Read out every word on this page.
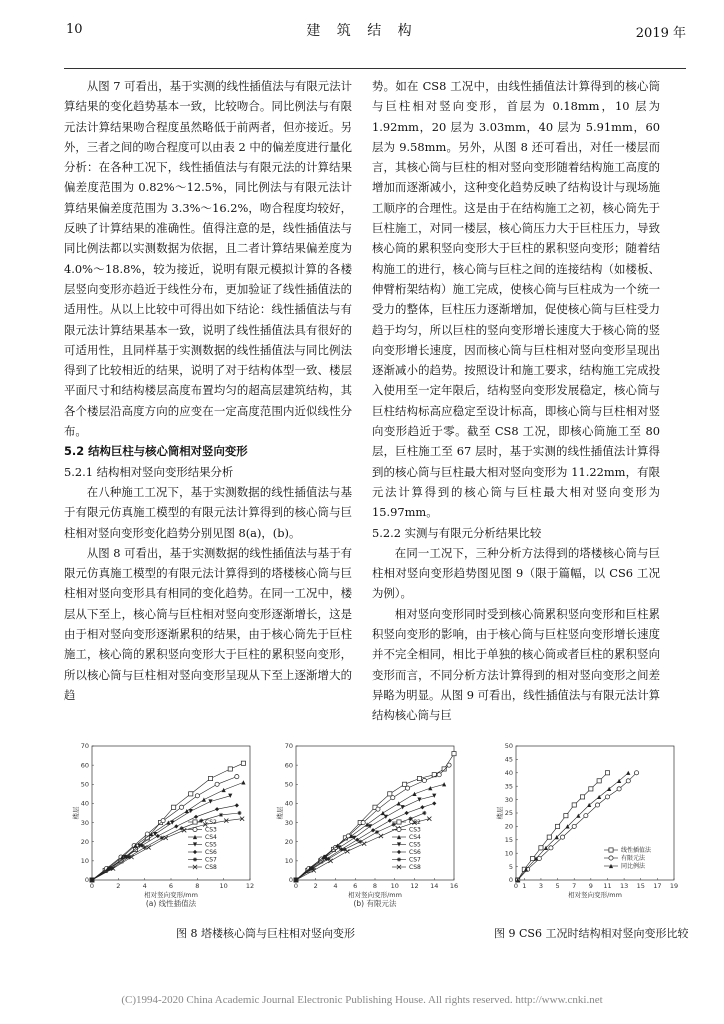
10	建 筑 结 构	2019 年

从图 7 可看出，基于实测的线性插值法与有限元法计算结果的变化趋势基本一致，比较吻合。同比例法与有限元法计算结果吻合程度虽然略低于前两者，但亦接近。另外，三者之间的吻合程度可以由表 2 中的偏差度进行量化分析：在各种工况下，线性插值法与有限元法的计算结果偏差度范围为 0.82%～12.5%，同比例法与有限元法计算结果偏差度范围为 3.3%～16.2%，吻合程度均较好，反映了计算结果的准确性。值得注意的是，线性插值法与同比例法都以实测数据为依据，且二者计算结果偏差度为 4.0%～18.8%，较为接近，说明有限元模拟计算的各楼层竖向变形亦趋近于线性分布，更加验证了线性插值法的适用性。从以上比较中可得出如下结论：线性插值法与有限元法计算结果基本一致，说明了线性插值法具有很好的可适用性，且同样基于实测数据的线性插值法与同比例法得到了比较相近的结果，说明了对于结构体型一致、楼层平面尺寸和结构楼层高度布置均匀的超高层建筑结构，其各个楼层沿高度方向的应变在一定高度范围内近似线性分布。

5.2 结构巨柱与核心筒相对竖向变形

5.2.1 结构相对竖向变形结果分析

在八种施工工况下，基于实测数据的线性插值法与基于有限元仿真施工模型的有限元法计算得到的核心筒与巨柱相对竖向变形变化趋势分别见图 8(a)，(b)。

从图 8 可看出，基于实测数据的线性插值法与基于有限元仿真施工模型的有限元法计算得到的塔楼核心筒与巨柱相对竖向变形具有相同的变化趋势。在同一工况中，楼层从下至上，核心筒与巨柱相对竖向变形逐渐增长，这是由于相对竖向变形逐渐累积的结果，由于核心筒先于巨柱施工，核心筒的累积竖向变形大于巨柱的累积竖向变形，所以核心筒与巨柱相对竖向变形呈现从下至上逐渐增大的趋

势。如在 CS8 工况中，由线性插值法计算得到的核心筒与巨柱相对竖向变形，首层为 0.18mm，10 层为 1.92mm，20 层为 3.03mm，40 层为 5.91mm，60 层为 9.58mm。另外，从图 8 还可看出，对任一楼层而言，其核心筒与巨柱的相对竖向变形随着结构施工高度的增加而逐渐减小，这种变化趋势反映了结构设计与现场施工顺序的合理性。这是由于在结构施工之初，核心筒先于巨柱施工，对同一楼层，核心筒压力大于巨柱压力，导致核心筒的累积竖向变形大于巨柱的累积竖向变形；随着结构施工的进行，核心筒与巨柱之间的连接结构（如楼板、伸臂桁架结构）施工完成，使核心筒与巨柱成为一个统一受力的整体，巨柱压力逐渐增加，促使核心筒与巨柱受力趋于均匀，所以巨柱的竖向变形增长速度大于核心筒的竖向变形增长速度，因而核心筒与巨柱相对竖向变形呈现出逐渐减小的趋势。按照设计和施工要求，结构施工完成投入使用至一定年限后，结构竖向变形发展稳定，核心筒与巨柱结构标高应稳定至设计标高，即核心筒与巨柱相对竖向变形趋近于零。截至 CS8 工况，即核心筒施工至 80 层，巨柱施工至 67 层时，基于实测的线性插值法计算得到的核心筒与巨柱最大相对竖向变形为 11.22mm，有限元法计算得到的核心筒与巨柱最大相对竖向变形为 15.97mm。

5.2.2 实测与有限元分析结果比较

在同一工况下，三种分析方法得到的塔楼核心筒与巨柱相对竖向变形趋势图见图 9（限于篇幅，以 CS6 工况为例）。

相对竖向变形同时受到核心筒累积竖向变形和巨柱累积竖向变形的影响，由于核心筒与巨柱竖向变形增长速度并不完全相同，相比于单独的核心筒或者巨柱的累积竖向变形而言，不同分析方法计算得到的相对竖向变形之间差异略为明显。从图 9 可看出，线性插值法与有限元法计算结构核心筒与巨

0	2	4	6	8	10	12
0
10
20
30
40
50
60
70
相对竖向变形/mm
楼层
(a) 线性插值法
CS2
CS3
CS4
CS5
CS6
CS7
CS8
0 2 4 6 8 10 12 14 16
0
10
20
30
40
50
60
70
相对竖向变形/mm
楼层
(b) 有限元法
CS2
CS3
CS4
CS5
CS6
CS7
CS8
0 1 3 5 7 9 11 13 15 17 19
0
5
10
15
20
25
30
35
40
45
50
相对竖向变形/mm
楼层
线性插值法
有限元法
同比例法
图 8 塔楼核心筒与巨柱相对竖向变形	图 9 CS6 工况时结构相对竖向变形比较
(C)1994-2020 China Academic Journal Electronic Publishing House. All rights reserved. http://www.cnki.net
